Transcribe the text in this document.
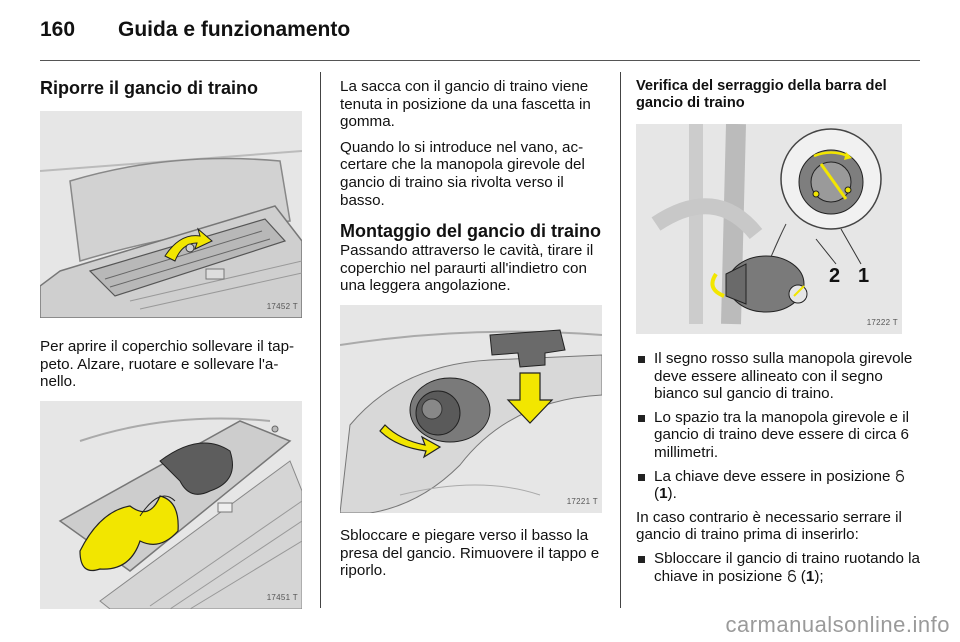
160 Guida e funzionamento
Riporre il gancio di traino
17452 T

Per aprire il coperchio sollevare il tappeto. Alzare, ruotare e sollevare l'anello.

17451 T

La sacca con il gancio di traino viene tenuta in posizione da una fascetta in gomma.

Quando lo si introduce nel vano, accertare che la manopola girevole del gancio di traino sia rivolta verso il basso.

Montaggio del gancio di traino

Passando attraverso le cavità, tirare il coperchio nel paraurti all'indietro con una leggera angolazione.

17221 T

Sbloccare e piegare verso il basso la presa del gancio. Rimuovere il tappo e riporlo.

Verifica del serraggio della barra del gancio di traino
2 1
17222 T
Il segno rosso sulla manopola girevole deve essere allineato con il segno bianco sul gancio di traino.
Lo spazio tra la manopola girevole e il gancio di traino deve essere di circa 6 millimetri.
La chiave deve essere in posizione  (1).

In caso contrario è necessario serrare il gancio di traino prima di inserirlo:

Sbloccare il gancio di traino ruotando la chiave in posizione  (1);
carmanualsonline.info
